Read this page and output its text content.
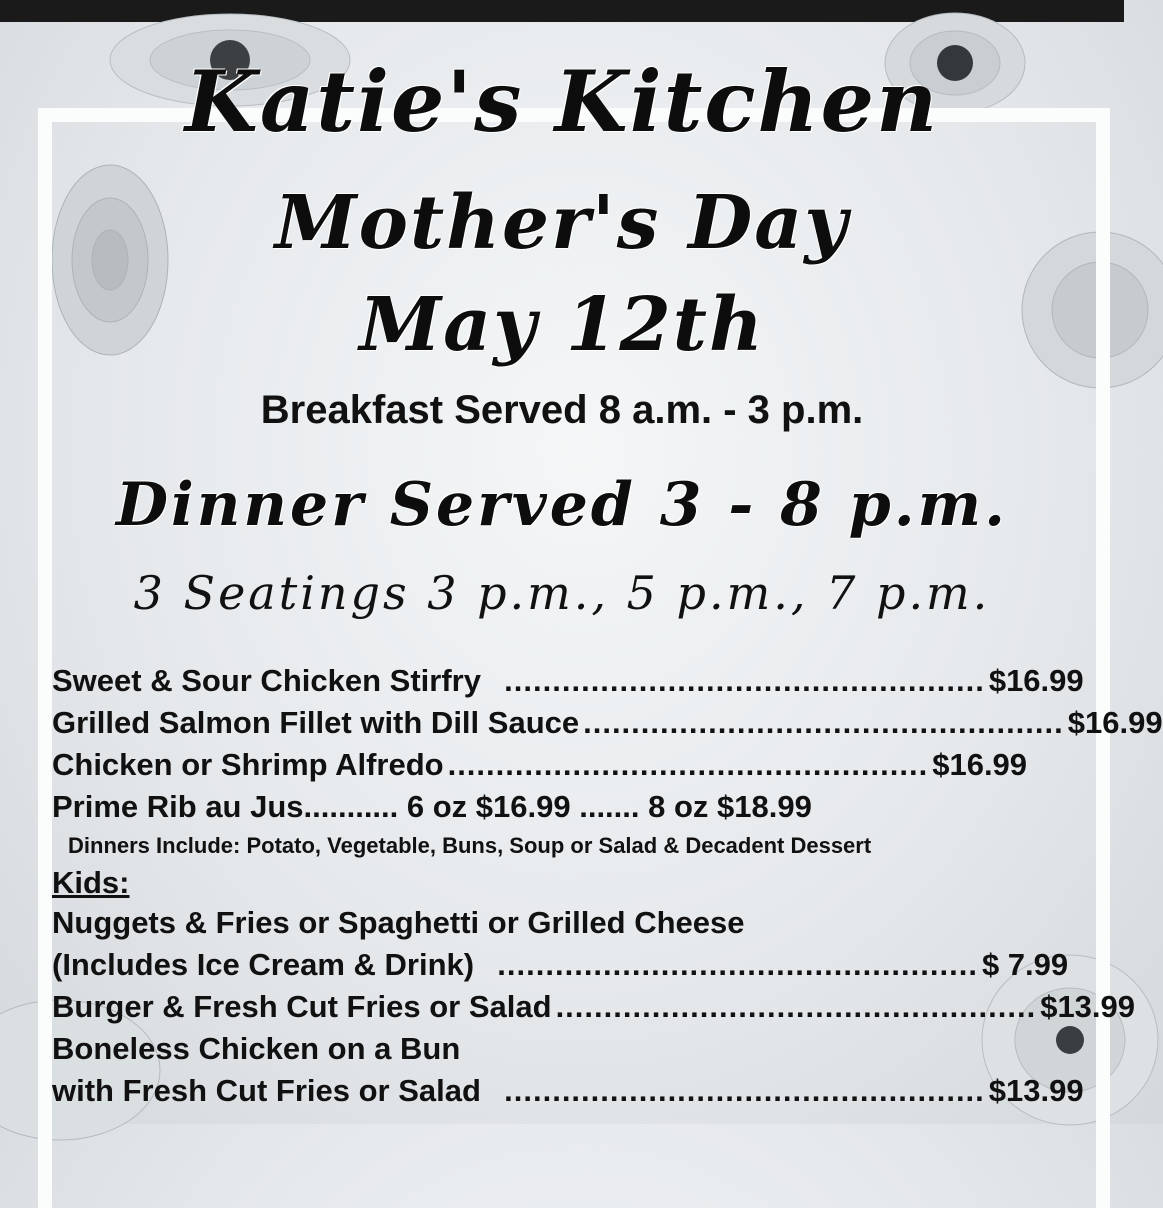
Katie's Kitchen
Mother's Day
May 12th
Breakfast Served 8 a.m. - 3 p.m.
Dinner Served 3 - 8 p.m.
3 Seatings 3 p.m., 5 p.m., 7 p.m.
Sweet & Sour Chicken Stirfry .................................................. $16.99
Grilled Salmon Fillet with Dill Sauce .................................................. $16.99
Chicken or Shrimp Alfredo .................................................. $16.99
Prime Rib au Jus ........... 6 oz $16.99 ....... 8 oz $18.99
Dinners Include: Potato, Vegetable, Buns, Soup or Salad & Decadent Dessert
Kids:
Nuggets & Fries or Spaghetti or Grilled Cheese
(Includes Ice Cream & Drink) .................................................. $ 7.99
Burger & Fresh Cut Fries or Salad .................................................. $13.99
Boneless Chicken on a Bun
with Fresh Cut Fries or Salad .................................................. $13.99
